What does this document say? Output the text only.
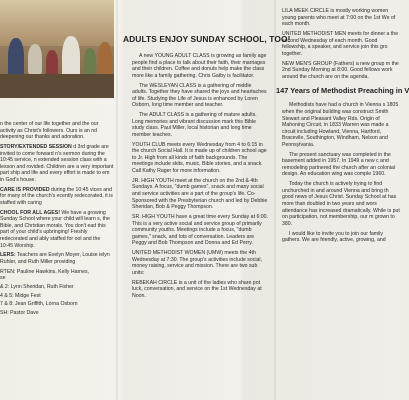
n the center of our life together and the our activity as Christ's followers. Ours is an nd deepening our thanks and adoration.

STORY/EXTENDED SESSION d 3rd grade are invited to come forward n's sermon during the 10:45 service, n extended session class with a lesson and rovided. Children are a very important part ship and life and every effort is made to em in God's house.

CARE IS PROVIDED during the 10:45 vices and for many of the church's ecently redecorated, it is staffed with caring

CHOOL FOR ALL AGES! We have a growing Sunday School where your child will learn s, the Bible, and Christian morals. You don't ead this part of your child's upbringing! Freshly redecorated and ably staffed for ool and the 10:45 Worship.

LERS: Teachers are Evelyn Moyer, Louise ielyn Ruhler, and Ruth Miller providing

RTEN: Pauline Hawkins, Kelly Harnes,

se

& 2: Lynn Sheridan, Ruth Fisher

4 & 5: Midge Fest

7 & 8: Jean Griffith, Lorna Osborn

SH: Pastor Dave

ADULTS ENJOY SUNDAY SCHOOL, TOO!

A new YOUNG ADULT CLASS is growing as family age people find a place to talk about their faith, their marriages and their children. Coffee and donuts help make the class more like a family gathering. Chris Gatby is facilitator.

The WESLEYAN CLASS is a gathering of middle adults. Together they have shared the joys and heartaches of life. Studying the Life of Jesus is enhanced by Loren Osborn, long time member and teacher.

The ADULT CLASS is a gathering of mature adults. Long memories and vibrant discussion mark this Bible study class. Paul Miller, local historian and long time member teaches.

YOUTH CLUB meets every Wednesday from 4 to 6:15 in the church Social Hall. It is made up of children school age to Jr. High from all kinds of faith backgrounds. The meetings include skits, music, Bible stories, and a snack. Call Kathy Rager for more information.

JR. HIGH YOUTH meet at the church on the 2nd & 4th Sundays. A focus, "dumb games", snack and many social and service activities are a part of the group's life. Co-Sponsored with the Presbyterian church and led by Debbie Sheridan, Bob & Peggy Thompson.

SR. HIGH YOUTH have a great time every Sunday at 6:00. This is a very active social and service group of primarily community youths. Meetings include a focus, "dumb games," snack, and lots of conversation. Leaders are Peggy and Bob Thompson and Donna and Ed Perry.

UNITED METHODIST WOMEN (UMW) meets the 4th Wednesday at 7:30. The group's activities include social, money raising, service and mission. There are two sub units:

REBEKAH CIRCLE is a unit of the ladies who share pot luck, conversation, and service on the 1st Wednesday at Noon.

LILA MEEK CIRCLE is mostly working women young parents who meet at 7:00 on the 1st We of each month.

UNITED METHODIST MEN meets for dinner a the second Wednesday of each month. Good fellowship, a speaker, and service join this gro together.

NEW MEN'S GROUP (Fathers) a new group m the 2nd Sunday Morning at 8:00. Good fellows work around the church are on the agenda.

147 Years of Methodist Preaching in V

Methodists have had a church in Vienna s 1805 when the original building was construct Smith Stewart and Pleasant Valley Rds. Origin of Mahoning Circuit, in 1833 Warren was made a circuit including Howland, Vienna, Hartford, Bracevile, Southington, Windham, Nelson and Pennsylvania.

The present sanctuary was completed in the basement added in 1957. In 1949 a new c and remodeling partnered the church after an colonial design. An education wing was comple 1960.

Today the church is actively trying to find unchurched in and around Vienna and bring th good news of Jesus Christ. Sunday School at has more than doubled in two years and wors attendance has increased dramatically. While is put on participation, not membership, our m grown to 380.

I would like to invite you to join our family gathers. We are friendly, active, growing, and
